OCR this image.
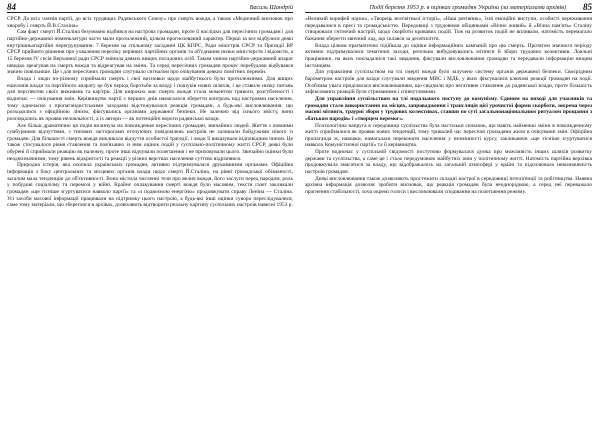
84	Василь Шандрій

СРСР. До всіх членів партії, до всіх трудящих Радянського Союзу» про смерть вождя, а також «Медичний висновок про хворобу і смерть Й.В.Сталіна»

Сам факт смерті Й.Сталіна безумовно відбився на настроях громадян, проте її наслідки для пересічних громадян і для партійно-державної номенклатури часто мали протилежний, цілком прогнозований характер. Перші за все відбулися деякі внутрішньопартійні перегрупування. 7 березня на спільному засіданні ЦК КПРС, Ради міністрів СРСР та Президії ВР СРСР прийнято рішення про ухвалення переліку керівних партійних органів та об'єднання низки міністерств і відомств, а 15 березня IV сесія Верховної ради СРСР змінила деяких вищих посадових осіб. Таким чином партійно-державний апарат швидко зреагував на смерть вождя та відреагував на зміни. Та серед пересічних громадян процес перебудови відбувався значно повільніше. Це і для пересічних громадян слугувало сигналом про очікування деяких помітних перемін.

Влада і люди по-різному сприймали смерть і свої висновки щодо майбутнього були протилежними. Для вищих ешелонів влади та партійного апарату це був період боротьби за владу і пошуків нових шляхів, і це ставило низку питань для перспектив своїх виживань та кар'єри. Для широких мас смерть вождя стала моментом тривоги, розгубленості і водночас — очікування змін. Керівництво партії з перших днів намагалося зберегти контроль над настроями населення, тому одночасно з пропагандистськими заходами відстежувалася реакція громадян, а будь-які висловлювання, що розходилися з офіційною лінією, фіксувались органами державної безпеки. Не залежно від їхнього змісту, вони розглядались як прояви нелояльності, а їх автори — як потенційні вороги радянської влади.

Але більш драматично ця подія вплинула на повсякдення пересічних громадян, звичайних людей. Життя з повними сумбурними відчуттями, з типових засторогами оточуючих повідомлень настроїв не залишали байдужими нікого із громадян. Для більшості смерть вождя викликала відчуття особистої трагедії, і люди її виказували відповідним чином. Це також стосувалося рівня ставлення та пов'язаних із ним оцінок подій у суспільно-політичному житті СРСР, деякі були обурені й сприймали реакцію як належну, проте інші відчували полегшення і не приховували цього. Звичайно оцінки були неоднозначними, тому рівень відкритості та реакції у різних верствах населення суттєво відрізнявся.

Природна істерія, яка охопила українських громадян, активно підтримувалася друкованими органами. Офіційна інформація з боку центральних та місцевих органів влади щодо смерті Й.Сталіна, на рівні громадської обізнаності, загалом мала тенденцію до об'єктивності. Вона містила численні тези про велич вождя, його заслуги перед народом, роль у побудові соціалізму та перемозі у війні. Крайнє оплакування смерті вождя було масовим, тексти газет закликали громадян «ще тісніше згуртуватися навколо партії» та «з подвоєною енергією» продовжувати справу Леніна — Сталіна. Усі засоби масової інформації працювали на підтримку цього настрою, а будь-які інші оцінки суворо переслідувалися, саме тому матеріали, що збереглися в архівах, дозволяють відтворити реальну картину суспільних настроїв навесні 1953 р.

Події березня 1953 р. в оцінках громадян України (за матеріалами архівів) 85

«Великий корифей науки», «Творець всесвітньої історії», «Наш рятівник», їхні емоційні виступи, особисті переживання передавалися в пресі та громадськістю. Передовиці з трудовими обіцянками «Вічно живий» й «Вічна пам'ять» Сталіну створювали гнітючий настрій, щодо скорботи кривавих подій. Тож на розвиток подій не впливали, натомість перемагало бажання зберегти звичний лад, що склався за десятиліття.

Влада цілком прагматично підійшла до оцінки інформаційних кампаній про цю смерть. Протягом значного періоду активно підтримувалися тематичні заходи, ретельно вибудовувались мітинги й збори трудових колективів. Лояльні працівники, на яких покладалися такі завдання, фіксували висловлювання громадян та передавали інформацію вищим інстанціям.

Для управління суспільством на тлі смерті вождя було залучено систему органів державної безпеки. Своєрідним барометром настроїв для влади слугували зведення МВС і МДБ, у яких фіксувалися ключові реакції громадян на події. Особлива увага приділялася висловлюванням, що свідчили про негативне ставлення до радянської влади, проте більшість зафіксованих реакцій були стриманими і співчутливими.

Для управління суспільством на тлі подальшого поступу до комунізму. Єдиним на виході для учасників та громадян стало використання на місцях, запровадження і трансляція цієї урочистої форми скорботи, зокрема через масові мітинги, траурні збори у трудових колективах, ставши по суті загальнонаціональним ритуалом прощання з «батьком народів» і «творцем перемог».

Психологічна напруга в середовищі суспільства була настільки сильною, що навіть найменші зміни в повсякденному житті сприймалися як прояви нових тенденцій, тому тривалий час пересічні громадяни жили в очікуванні змін. Офіційна пропаганда ж, навпаки, намагалася переконати населення у незмінності курсу, закликаючи «ще тісніше згуртуватися навколо Комуністичної партії» та її керівництва.

Проте водночас у суспільній свідомості поступово формувалася думка про можливість інших шляхів розвитку держави та суспільства, а саме це і стало передумовою майбутніх змін у політичному житті. Натомість партійна верхівка продовжувала змагатися за владу, що відображалось на загальній атмосфері у країні та підсилювало невизначеність настроїв громадян.

Деякі висловлювання також дозволяють простежити складні настрої в середовищі інтелігенції та робітництва. Наявна архівна інформація дозволяє зробити висновок, що реакція громадян була неоднорідною, а серед неї переважало прагнення стабільності, хоча окремі голоси і висловлювали сподівання на полегшення режиму.
